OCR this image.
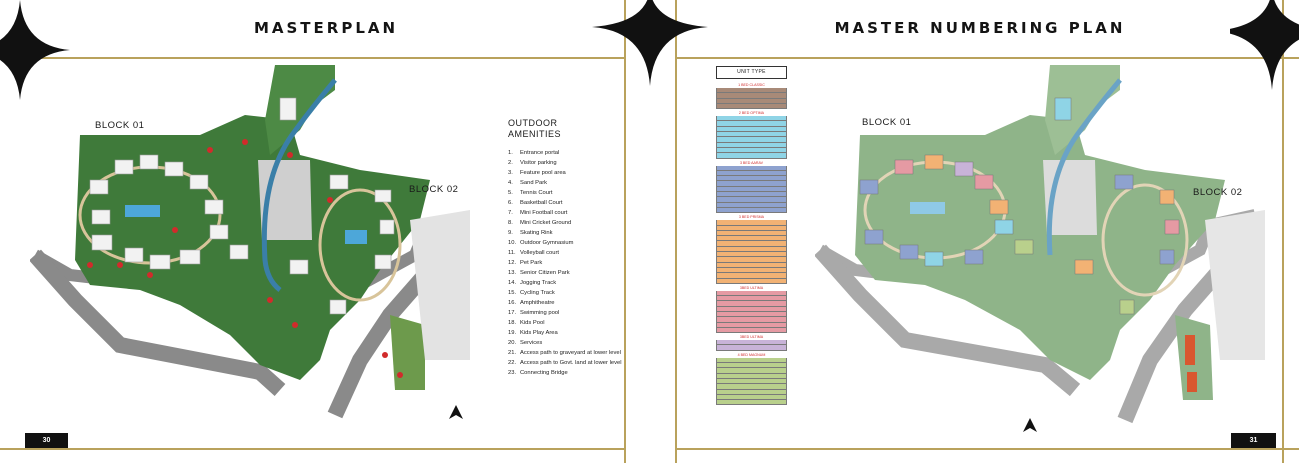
MASTERPLAN	MASTER NUMBERING PLAN
BLOCK 01
BLOCK 02
OUTDOOR
AMENITIES
1.	Entrance portal
2.	Visitor parking
3.	Feature pool area
4.	Sand Park
5.	Tennis Court
6.	Basketball Court
7.	Mini Football court
8.	Mini Cricket Ground
9.	Skating Rink
10. Outdoor Gymnasium
11. Volleyball court
12. Pet Park
13. Senior Citizen Park
14. Jogging Track
15. Cycling Track
16. Amphitheatre
17. Swimming pool
18. Kids Pool
19. Kids Play Area
20. Services
21. Access path to graveyard at lower level
22. Access path to Govt. land at lower level
23. Connecting Bridge
30
BLOCK 01
BLOCK 02
UNIT TYPE
1 BED CLASSIC
2 BED OPTIMA
3 BED AARAV
3 BED PRISMA
3BED ULTIMA
3BED ULTIMA
4 BED MAGNUM
31
